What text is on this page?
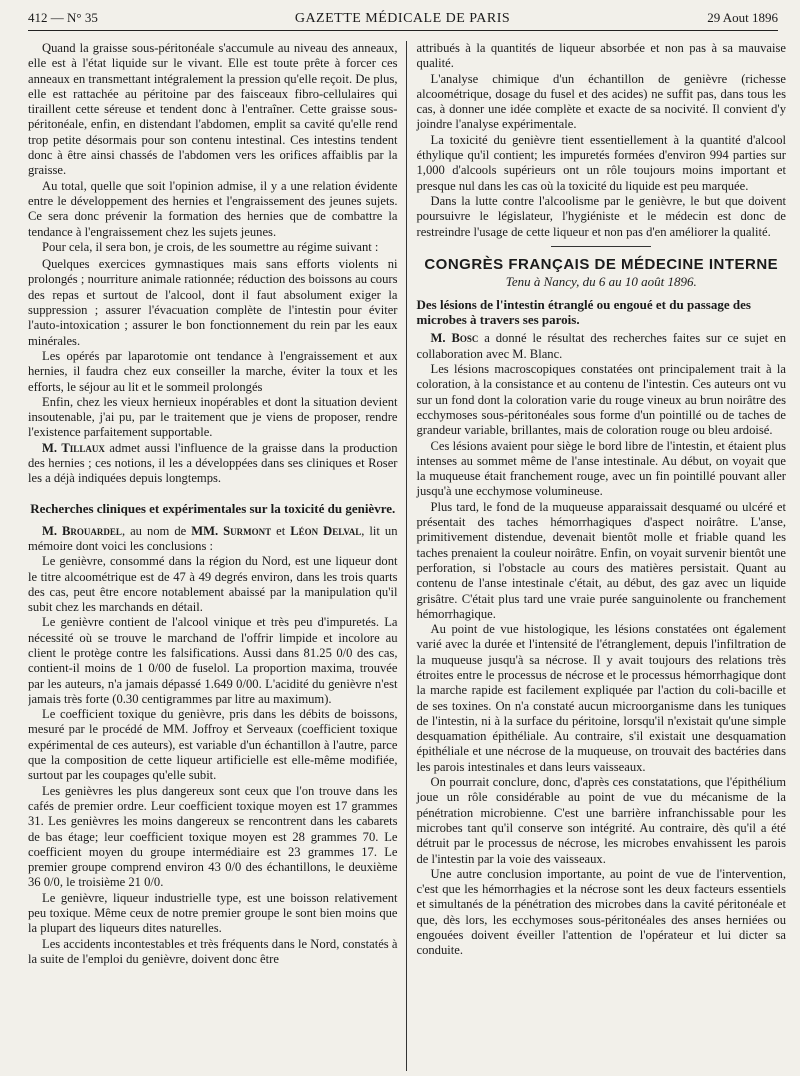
412 — N° 35	GAZETTE MÉDICALE DE PARIS	29 Aout 1896

Quand la graisse sous-péritonéale s'accumule au niveau des anneaux, elle est à l'état liquide sur le vivant. Elle est toute prête à forcer ces anneaux en transmettant intégralement la pression qu'elle reçoit. De plus, elle est rattachée au péritoine par des faisceaux fibro-cellulaires qui tiraillent cette séreuse et tendent donc à l'entraîner. Cette graisse sous-péritonéale, enfin, en distendant l'abdomen, emplit sa cavité qu'elle rend trop petite désormais pour son contenu intestinal. Ces intestins tendent donc à être ainsi chassés de l'abdomen vers les orifices affaiblis par la graisse.

Au total, quelle que soit l'opinion admise, il y a une relation évidente entre le développement des hernies et l'engraissement des jeunes sujets. Ce sera donc prévenir la formation des hernies que de combattre la tendance à l'engraissement chez les sujets jeunes.

Pour cela, il sera bon, je crois, de les soumettre au régime suivant :

Quelques exercices gymnastiques mais sans efforts violents ni prolongés ; nourriture animale rationnée; réduction des boissons au cours des repas et surtout de l'alcool, dont il faut absolument exiger la suppression ; assurer l'évacuation complète de l'intestin pour éviter l'auto-intoxication ; assurer le bon fonctionnement du rein par les eaux minérales.

Les opérés par laparotomie ont tendance à l'engraissement et aux hernies, il faudra chez eux conseiller la marche, éviter la toux et les efforts, le séjour au lit et le sommeil prolongés

Enfin, chez les vieux hernieux inopérables et dont la situation devient insoutenable, j'ai pu, par le traitement que je viens de proposer, rendre l'existence parfaitement supportable.

M. Tillaux admet aussi l'influence de la graisse dans la production des hernies ; ces notions, il les a développées dans ses cliniques et Roser les a déjà indiquées depuis longtemps.

Recherches cliniques et expérimentales sur la toxicité du genièvre.

M. Brouardel, au nom de MM. Surmont et Léon Delval, lit un mémoire dont voici les conclusions :

Le genièvre, consommé dans la région du Nord, est une liqueur dont le titre alcoométrique est de 47 à 49 degrés environ, dans les trois quarts des cas, peut être encore notablement abaissé par la manipulation qu'il subit chez les marchands en détail.

Le genièvre contient de l'alcool vinique et très peu d'impuretés. La nécessité où se trouve le marchand de l'offrir limpide et incolore au client le protège contre les falsifications. Aussi dans 81.25 0/0 des cas, contient-il moins de 1 0/00 de fuselol. La proportion maxima, trouvée par les auteurs, n'a jamais dépassé 1.649 0/00. L'acidité du genièvre n'est jamais très forte (0.30 centigrammes par litre au maximum).

Le coefficient toxique du genièvre, pris dans les débits de boissons, mesuré par le procédé de MM. Joffroy et Serveaux (coefficient toxique expérimental de ces auteurs), est variable d'un échantillon à l'autre, parce que la composition de cette liqueur artificielle est elle-même modifiée, surtout par les coupages qu'elle subit.

Les genièvres les plus dangereux sont ceux que l'on trouve dans les cafés de premier ordre. Leur coefficient toxique moyen est 17 grammes 31. Les genièvres les moins dangereux se rencontrent dans les cabarets de bas étage; leur coefficient toxique moyen est 28 grammes 70. Le coefficient moyen du groupe intermédiaire est 23 grammes 17. Le premier groupe comprend environ 43 0/0 des échantillons, le deuxième 36 0/0, le troisième 21 0/0.

Le genièvre, liqueur industrielle type, est une boisson relativement peu toxique. Même ceux de notre premier groupe le sont bien moins que la plupart des liqueurs dites naturelles.

Les accidents incontestables et très fréquents dans le Nord, constatés à la suite de l'emploi du genièvre, doivent donc être

attribués à la quantités de liqueur absorbée et non pas à sa mauvaise qualité.

L'analyse chimique d'un échantillon de genièvre (richesse alcoométrique, dosage du fusel et des acides) ne suffit pas, dans tous les cas, à donner une idée complète et exacte de sa nocivité. Il convient d'y joindre l'analyse expérimentale.

La toxicité du genièvre tient essentiellement à la quantité d'alcool éthylique qu'il contient; les impuretés formées d'environ 994 parties sur 1,000 d'alcools supérieurs ont un rôle toujours moins important et presque nul dans les cas où la toxicité du liquide est peu marquée.

Dans la lutte contre l'alcoolisme par le genièvre, le but que doivent poursuivre le législateur, l'hygiéniste et le médecin est donc de restreindre l'usage de cette liqueur et non pas d'en améliorer la qualité.

CONGRÈS FRANÇAIS DE MÉDECINE INTERNE
Tenu à Nancy, du 6 au 10 août 1896.
Des lésions de l'intestin étranglé ou engoué et du passage des microbes à travers ses parois.

M. Bosc a donné le résultat des recherches faites sur ce sujet en collaboration avec M. Blanc.

Les lésions macroscopiques constatées ont principalement trait à la coloration, à la consistance et au contenu de l'intestin. Ces auteurs ont vu sur un fond dont la coloration varie du rouge vineux au brun noirâtre des ecchymoses sous-péritonéales sous forme d'un pointillé ou de taches de grandeur variable, brillantes, mais de coloration rouge ou bleu ardoisé.

Ces lésions avaient pour siège le bord libre de l'intestin, et étaient plus intenses au sommet même de l'anse intestinale. Au début, on voyait que la muqueuse était franchement rouge, avec un fin pointillé pouvant aller jusqu'à une ecchymose volumineuse.

Plus tard, le fond de la muqueuse apparaissait desquamé ou ulcéré et présentait des taches hémorrhagiques d'aspect noirâtre. L'anse, primitivement distendue, devenait bientôt molle et friable quand les taches prenaient la couleur noirâtre. Enfin, on voyait survenir bientôt une perforation, si l'obstacle au cours des matières persistait. Quant au contenu de l'anse intestinale c'était, au début, des gaz avec un liquide grisâtre. C'était plus tard une vraie purée sanguinolente ou franchement hémorrhagique.

Au point de vue histologique, les lésions constatées ont également varié avec la durée et l'intensité de l'étranglement, depuis l'infiltration de la muqueuse jusqu'à sa nécrose. Il y avait toujours des relations très étroites entre le processus de nécrose et le processus hémorrhagique dont la marche rapide est facilement expliquée par l'action du coli-bacille et de ses toxines. On n'a constaté aucun microorganisme dans les tuniques de l'intestin, ni à la surface du péritoine, lorsqu'il n'existait qu'une simple desquamation épithéliale. Au contraire, s'il existait une desquamation épithéliale et une nécrose de la muqueuse, on trouvait des bactéries dans les parois intestinales et dans leurs vaisseaux.

On pourrait conclure, donc, d'après ces constatations, que l'épithélium joue un rôle considérable au point de vue du mécanisme de la pénétration microbienne. C'est une barrière infranchissable pour les microbes tant qu'il conserve son intégrité. Au contraire, dès qu'il a été détruit par le processus de nécrose, les microbes envahissent les parois de l'intestin par la voie des vaisseaux.

Une autre conclusion importante, au point de vue de l'intervention, c'est que les hémorrhagies et la nécrose sont les deux facteurs essentiels et simultanés de la pénétration des microbes dans la cavité péritonéale et que, dès lors, les ecchymoses sous-péritonéales des anses herniées ou engouées doivent éveiller l'attention de l'opérateur et lui dicter sa conduite.
